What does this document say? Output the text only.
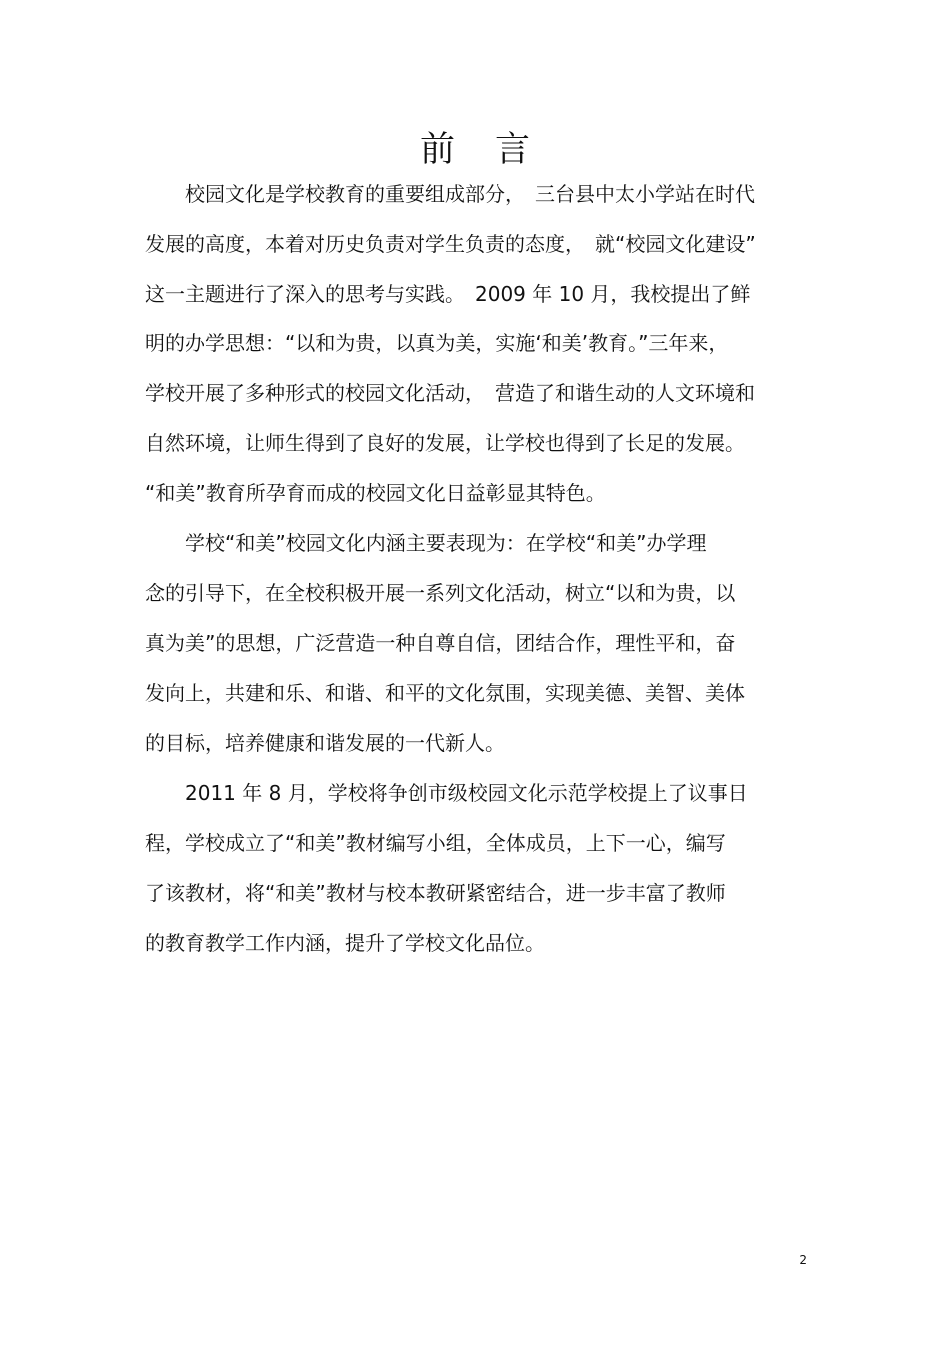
前 言
　　校园文化是学校教育的重要组成部分，　三台县中太小学站在时代
发展的高度，本着对历史负责对学生负责的态度，　就“校园文化建设”
这一主题进行了深入的思考与实践。　2009 年 10 月，我校提出了鲜
明的办学思想：“以和为贵，以真为美，实施‘和美’教育。”三年来，
学校开展了多种形式的校园文化活动，　营造了和谐生动的人文环境和
自然环境，让师生得到了良好的发展，让学校也得到了长足的发展。
“和美”教育所孕育而成的校园文化日益彰显其特色。
　　学校“和美”校园文化内涵主要表现为：在学校“和美”办学理
念的引导下，在全校积极开展一系列文化活动，树立“以和为贵，以
真为美”的思想，广泛营造一种自尊自信，团结合作，理性平和，奋
发向上，共建和乐、和谐、和平的文化氛围，实现美德、美智、美体
的目标，培养健康和谐发展的一代新人。
　　2011 年 8 月，学校将争创市级校园文化示范学校提上了议事日
程，学校成立了“和美”教材编写小组，全体成员，上下一心，编写
了该教材，将“和美”教材与校本教研紧密结合，进一步丰富了教师
的教育教学工作内涵，提升了学校文化品位。
2
